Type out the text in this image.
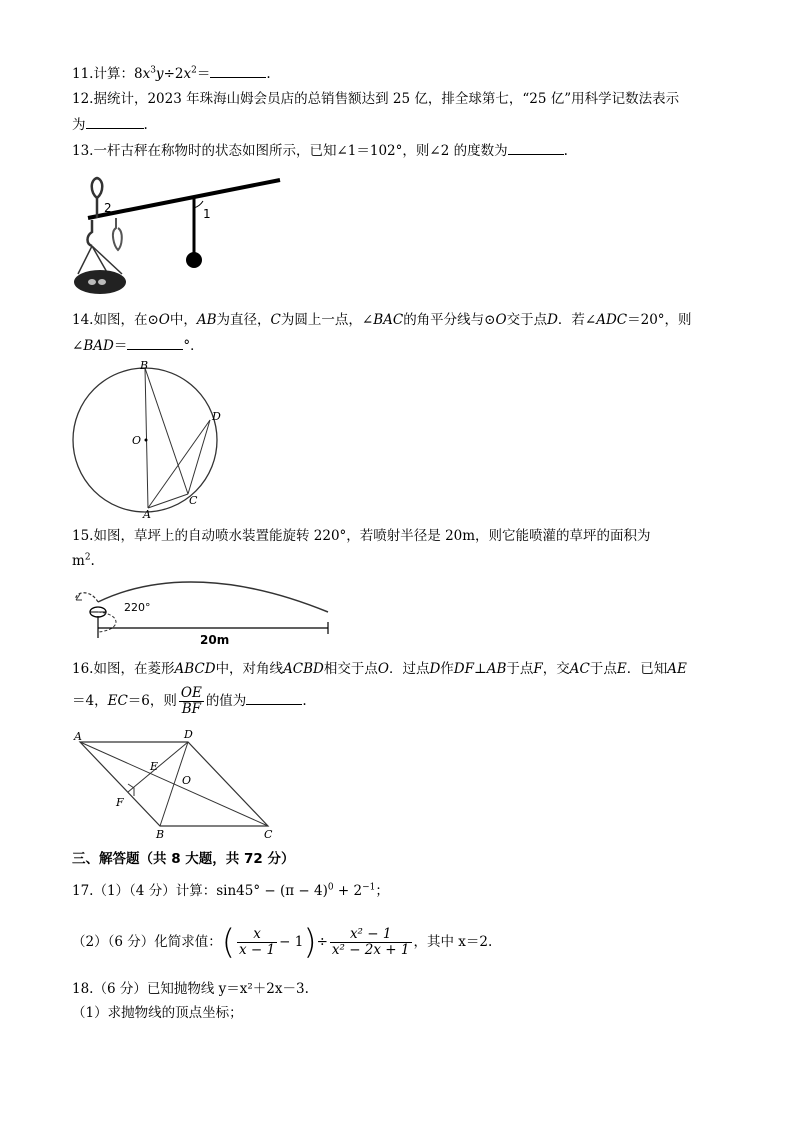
11.计算：$8x^3y\div 2x^2=$	.
12.据统计，2023 年珠海山姆会员店的总销售额达到 25 亿，排全球第七，“25 亿”用科学记数法表示
为	.
13.一杆古秤在称物时的状态如图所示，已知∠1＝102°，则∠2 的度数为	.
1
2
14.如图，在⊙O中，AB为直径，C为圆上一点，∠BAC的角平分线与⊙O交于点D．若∠ADC＝20°，则
∠BAD＝	°．
B
O
D
C
A
15.如图，草坪上的自动喷水装置能旋转 220°，若喷射半径是 20m，则它能喷灌的草坪的面积为
$m^2$.
220°
20m
16.如图，在菱形ABCD中，对角线ACBD相交于点O．过点D作DF⊥AB于点F，交AC于点E．已知AE
＝4，EC＝6，则 $\frac{OE}{BF}$ 的值为	.
A	D
E
O
F
B	C
三、解答题（共 8 大题，共 72 分）
17.（1）（4 分）计算：$\sin 45^\circ - (\pi - 4)^0 + 2^{-1}$；
（2）（6 分）化简求值：( $\frac{x}{x - 1} - 1)\div \frac{\text{x² − 1}}{\text{x² − 2x + 1}}$ ，其中 x＝2.
18.（6 分）已知抛物线 y＝x²＋2x－3.
（1）求抛物线的顶点坐标；
